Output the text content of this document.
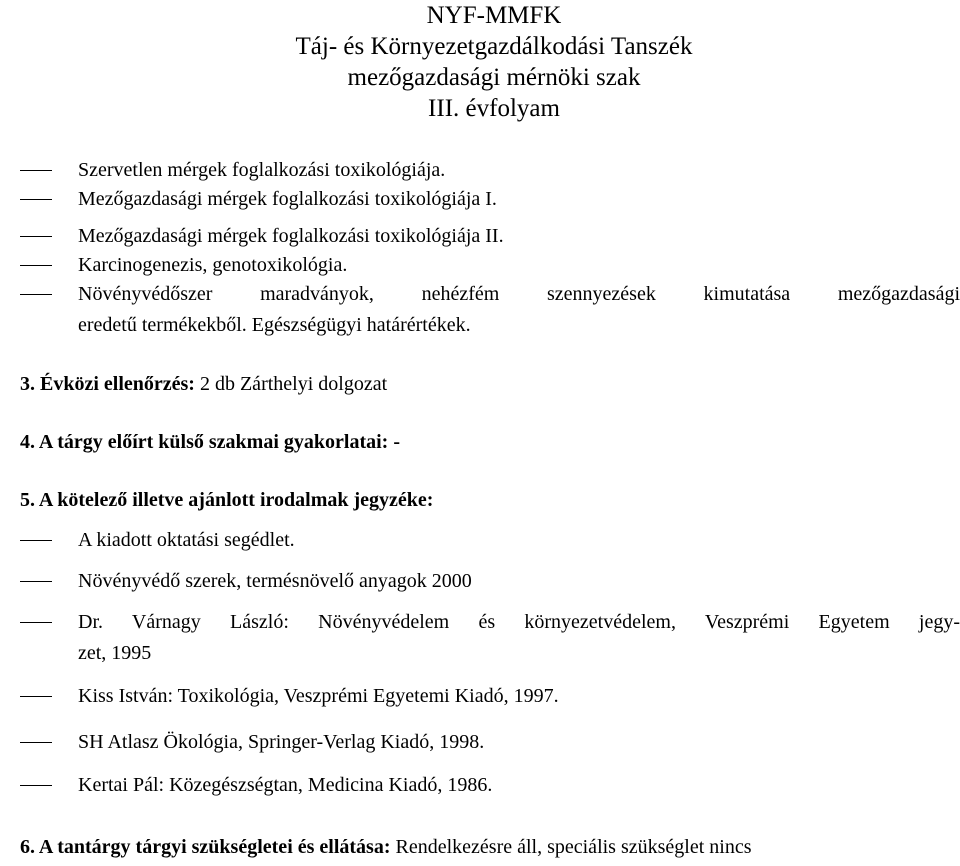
NYF-MMFK
Táj- és Környezetgazdálkodási Tanszék
mezőgazdasági mérnöki szak
III. évfolyam
Szervetlen mérgek foglalkozási toxikológiája.
Mezőgazdasági mérgek foglalkozási toxikológiája I.
Mezőgazdasági mérgek foglalkozási toxikológiája II.
Karcinogenezis, genotoxikológia.
Növényvédőszer maradványok, nehézfém szennyezések kimutatása mezőgazdasági
eredetű termékekből. Egészségügyi határértékek.
3. Évközi ellenőrzés: 2 db Zárthelyi dolgozat
4. A tárgy előírt külső szakmai gyakorlatai: -
5. A kötelező illetve ajánlott irodalmak jegyzéke:
A kiadott oktatási segédlet.
Növényvédő szerek, termésnövelő anyagok 2000
Dr. Várnagy László: Növényvédelem és környezetvédelem, Veszprémi Egyetem jegy-
zet, 1995
Kiss István: Toxikológia, Veszprémi Egyetemi Kiadó, 1997.
SH Atlasz Ökológia, Springer-Verlag Kiadó, 1998.
Kertai Pál: Közegészségtan, Medicina Kiadó, 1986.
6. A tantárgy tárgyi szükségletei és ellátása: Rendelkezésre áll, speciális szükséglet nincs
